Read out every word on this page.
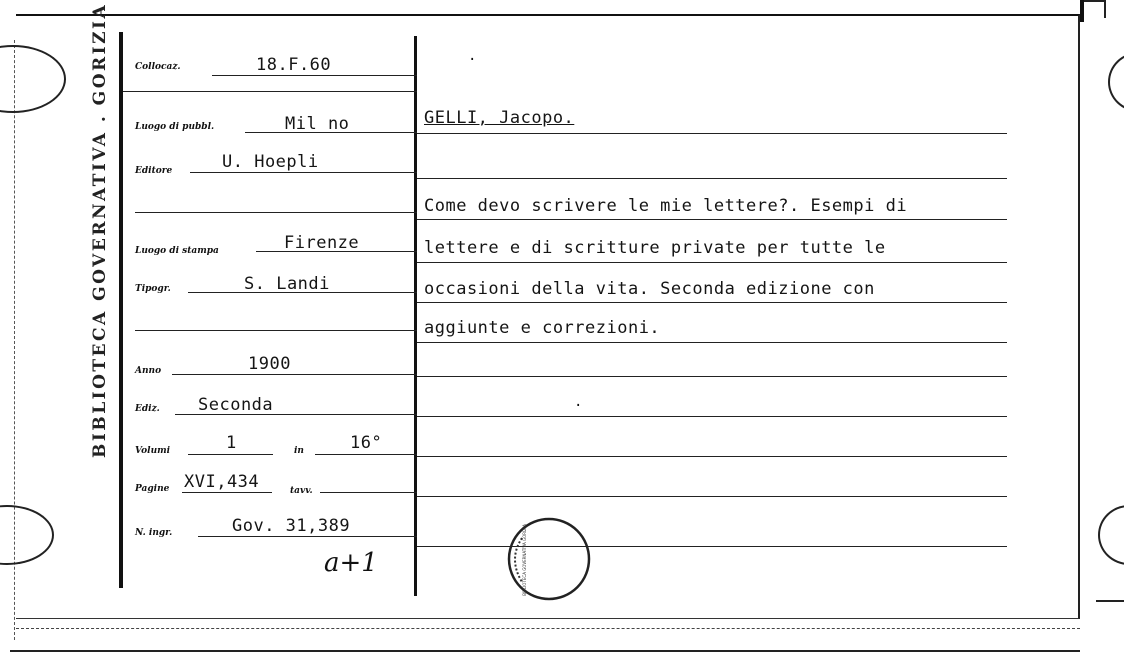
BIBLIOTECA GOVERNATIVA . GORIZIA	Collocaz.	18.F.60
Luogo di pubbl.	Mil no
Editore	U. Hoepli
Luogo di stampa	Firenze
Tipogr.	S. Landi
Anno	1900
Ediz. Seconda
Volumi	1	in	16°
Pagine XVI,434	tavv.
N. ingr.	Gov. 31,389
a+1
·
GELLI, Jacopo.
Come devo scrivere le mie lettere?. Esempi di
lettere e di scritture private per tutte le
occasioni della vita. Seconda edizione con
aggiunte e correzioni.
·
BIBLIOTECA GOVERNATIVA GORIZIA
